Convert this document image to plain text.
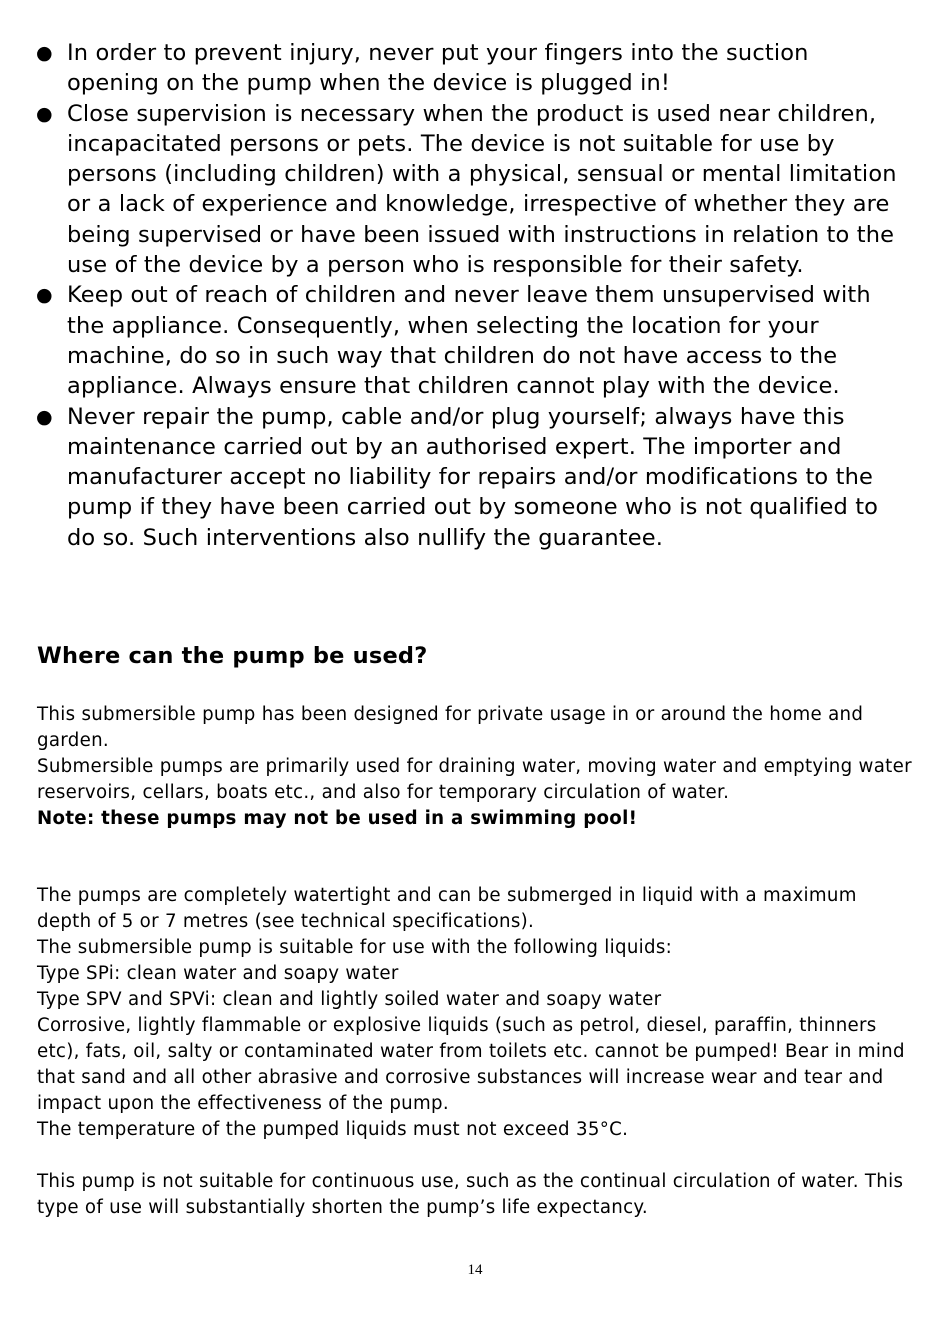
● In order to prevent injury, never put your fingers into the suction opening on the pump when the device is plugged in!
● Close supervision is necessary when the product is used near children, incapacitated persons or pets. The device is not suitable for use by persons (including children) with a physical, sensual or mental limitation or a lack of experience and knowledge, irrespective of whether they are being supervised or have been issued with instructions in relation to the use of the device by a person who is responsible for their safety.
● Keep out of reach of children and never leave them unsupervised with the appliance. Consequently, when selecting the location for your machine, do so in such way that children do not have access to the appliance. Always ensure that children cannot play with the device.
● Never repair the pump, cable and/or plug yourself; always have this maintenance carried out by an authorised expert. The importer and manufacturer accept no liability for repairs and/or modifications to the pump if they have been carried out by someone who is not qualified to do so. Such interventions also nullify the guarantee.
Where can the pump be used?

This submersible pump has been designed for private usage in or around the home and garden.

Submersible pumps are primarily used for draining water, moving water and emptying water reservoirs, cellars, boats etc., and also for temporary circulation of water.

Note: these pumps may not be used in a swimming pool!

The pumps are completely watertight and can be submerged in liquid with a maximum depth of 5 or 7 metres (see technical specifications).

The submersible pump is suitable for use with the following liquids:

Type SPi: clean water and soapy water

Type SPV and SPVi: clean and lightly soiled water and soapy water

Corrosive, lightly flammable or explosive liquids (such as petrol, diesel, paraffin, thinners etc), fats, oil, salty or contaminated water from toilets etc. cannot be pumped! Bear in mind that sand and all other abrasive and corrosive substances will increase wear and tear and impact upon the effectiveness of the pump.

The temperature of the pumped liquids must not exceed 35°C.

This pump is not suitable for continuous use, such as the continual circulation of water. This type of use will substantially shorten the pump’s life expectancy.

14
